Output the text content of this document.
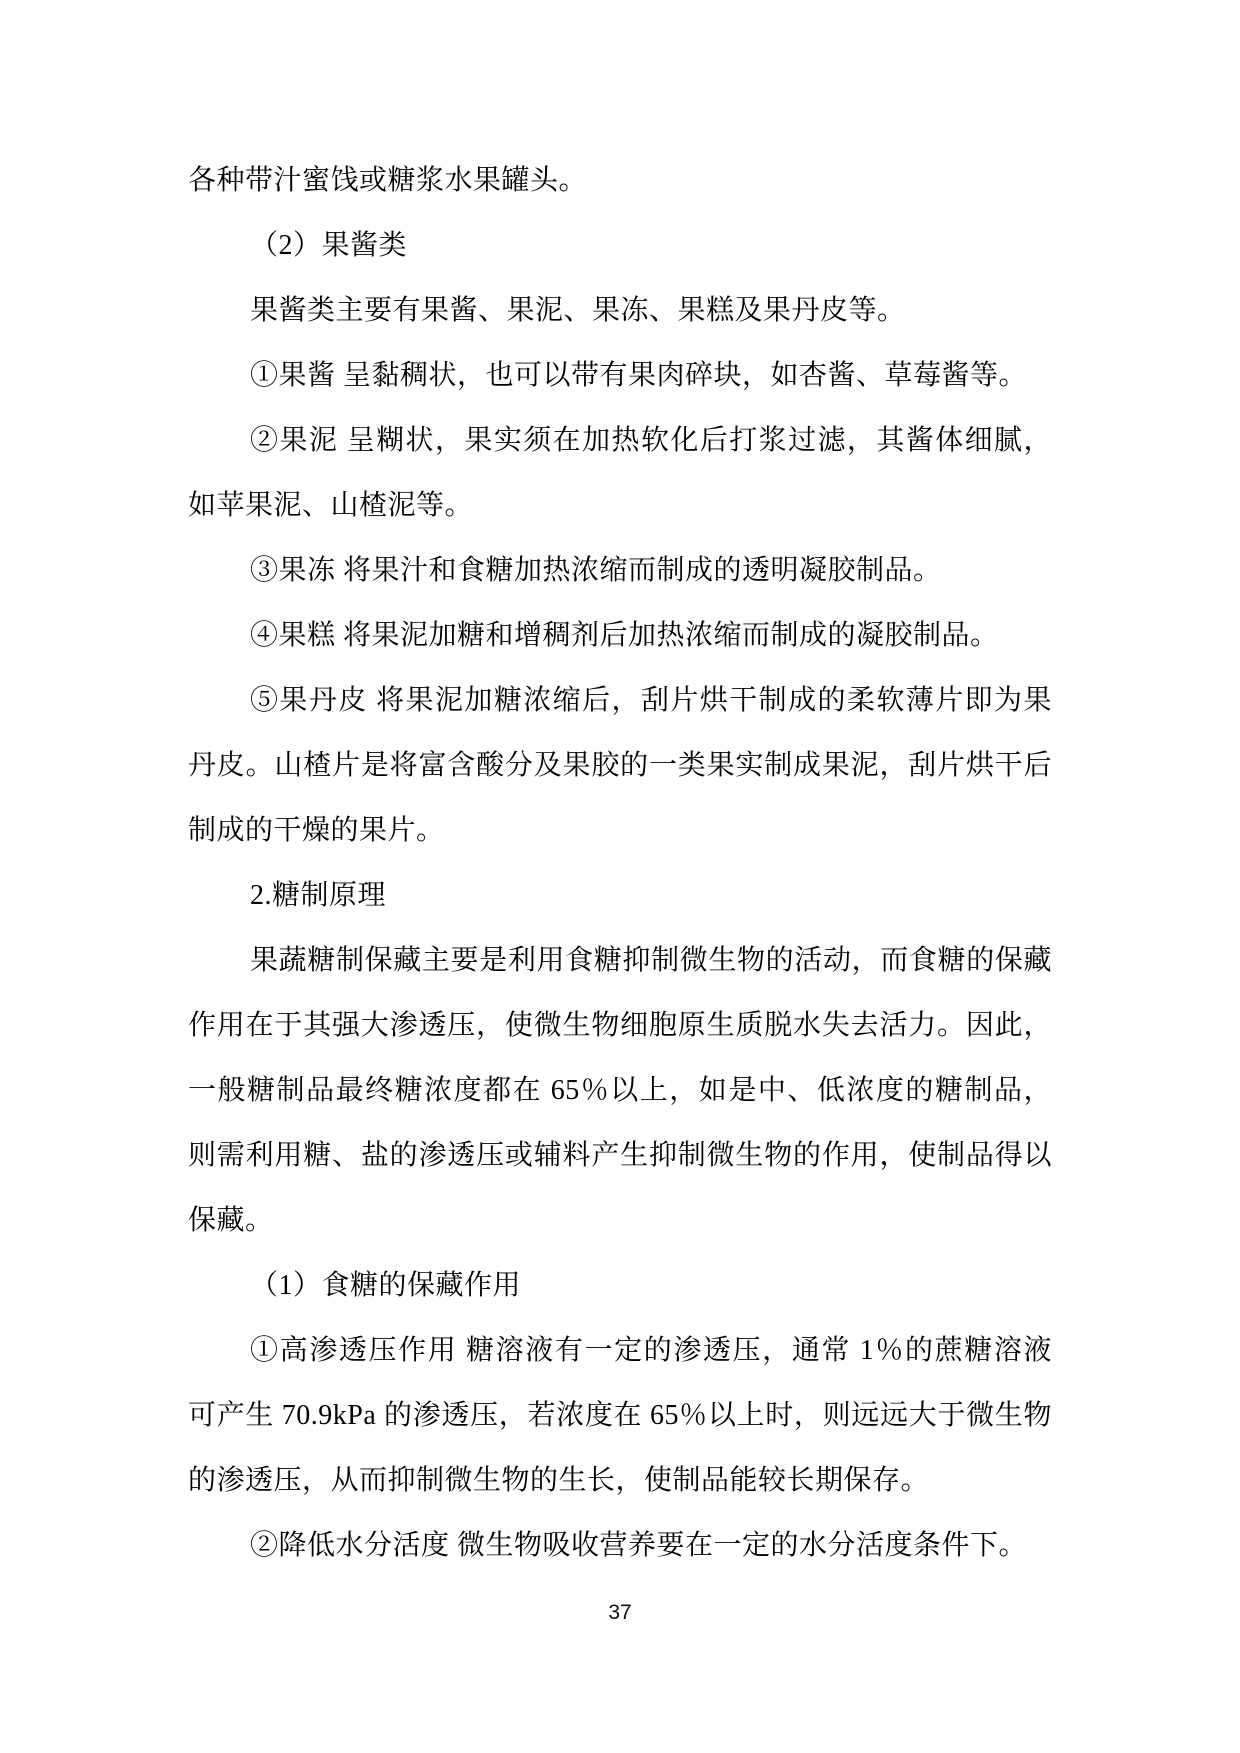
各种带汁蜜饯或糖浆水果罐头。
（2）果酱类
果酱类主要有果酱、果泥、果冻、果糕及果丹皮等。
①果酱 呈黏稠状，也可以带有果肉碎块，如杏酱、草莓酱等。
②果泥 呈糊状，果实须在加热软化后打浆过滤，其酱体细腻，
如苹果泥、山楂泥等。
③果冻 将果汁和食糖加热浓缩而制成的透明凝胶制品。
④果糕 将果泥加糖和增稠剂后加热浓缩而制成的凝胶制品。
⑤果丹皮 将果泥加糖浓缩后，刮片烘干制成的柔软薄片即为果
丹皮。山楂片是将富含酸分及果胶的一类果实制成果泥，刮片烘干后
制成的干燥的果片。
2.糖制原理
果蔬糖制保藏主要是利用食糖抑制微生物的活动，而食糖的保藏
作用在于其强大渗透压，使微生物细胞原生质脱水失去活力。因此，
一般糖制品最终糖浓度都在 65％以上，如是中、低浓度的糖制品，
则需利用糖、盐的渗透压或辅料产生抑制微生物的作用，使制品得以
保藏。
（1）食糖的保藏作用
①高渗透压作用 糖溶液有一定的渗透压，通常 1％的蔗糖溶液
可产生 70.9kPa 的渗透压，若浓度在 65％以上时，则远远大于微生物
的渗透压，从而抑制微生物的生长，使制品能较长期保存。
②降低水分活度 微生物吸收营养要在一定的水分活度条件下。
37
